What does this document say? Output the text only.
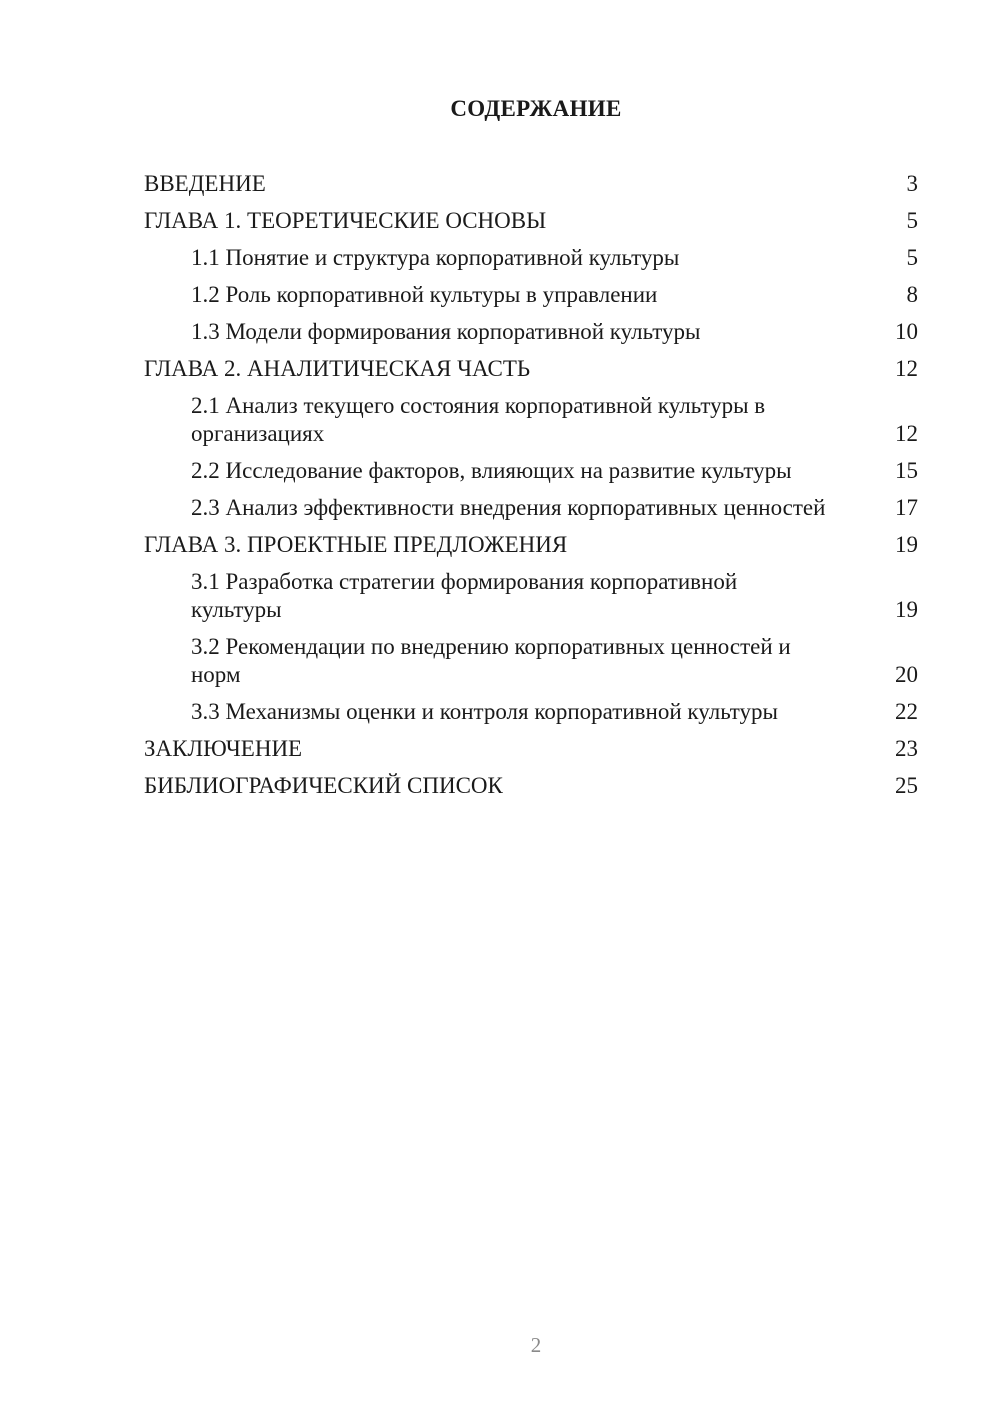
СОДЕРЖАНИЕ
ВВЕДЕНИЕ	3
ГЛАВА 1. ТЕОРЕТИЧЕСКИЕ ОСНОВЫ	5
1.1 Понятие и структура корпоративной культуры	5
1.2 Роль корпоративной культуры в управлении	8
1.3 Модели формирования корпоративной культуры	10
ГЛАВА 2. АНАЛИТИЧЕСКАЯ ЧАСТЬ	12
2.1 Анализ текущего состояния корпоративной культуры в организациях	12
2.2 Исследование факторов, влияющих на развитие культуры	15
2.3 Анализ эффективности внедрения корпоративных ценностей	17
ГЛАВА 3. ПРОЕКТНЫЕ ПРЕДЛОЖЕНИЯ	19
3.1 Разработка стратегии формирования корпоративной культуры	19
3.2 Рекомендации по внедрению корпоративных ценностей и норм	20
3.3 Механизмы оценки и контроля корпоративной культуры	22
ЗАКЛЮЧЕНИЕ	23
БИБЛИОГРАФИЧЕСКИЙ СПИСОК	25
2
